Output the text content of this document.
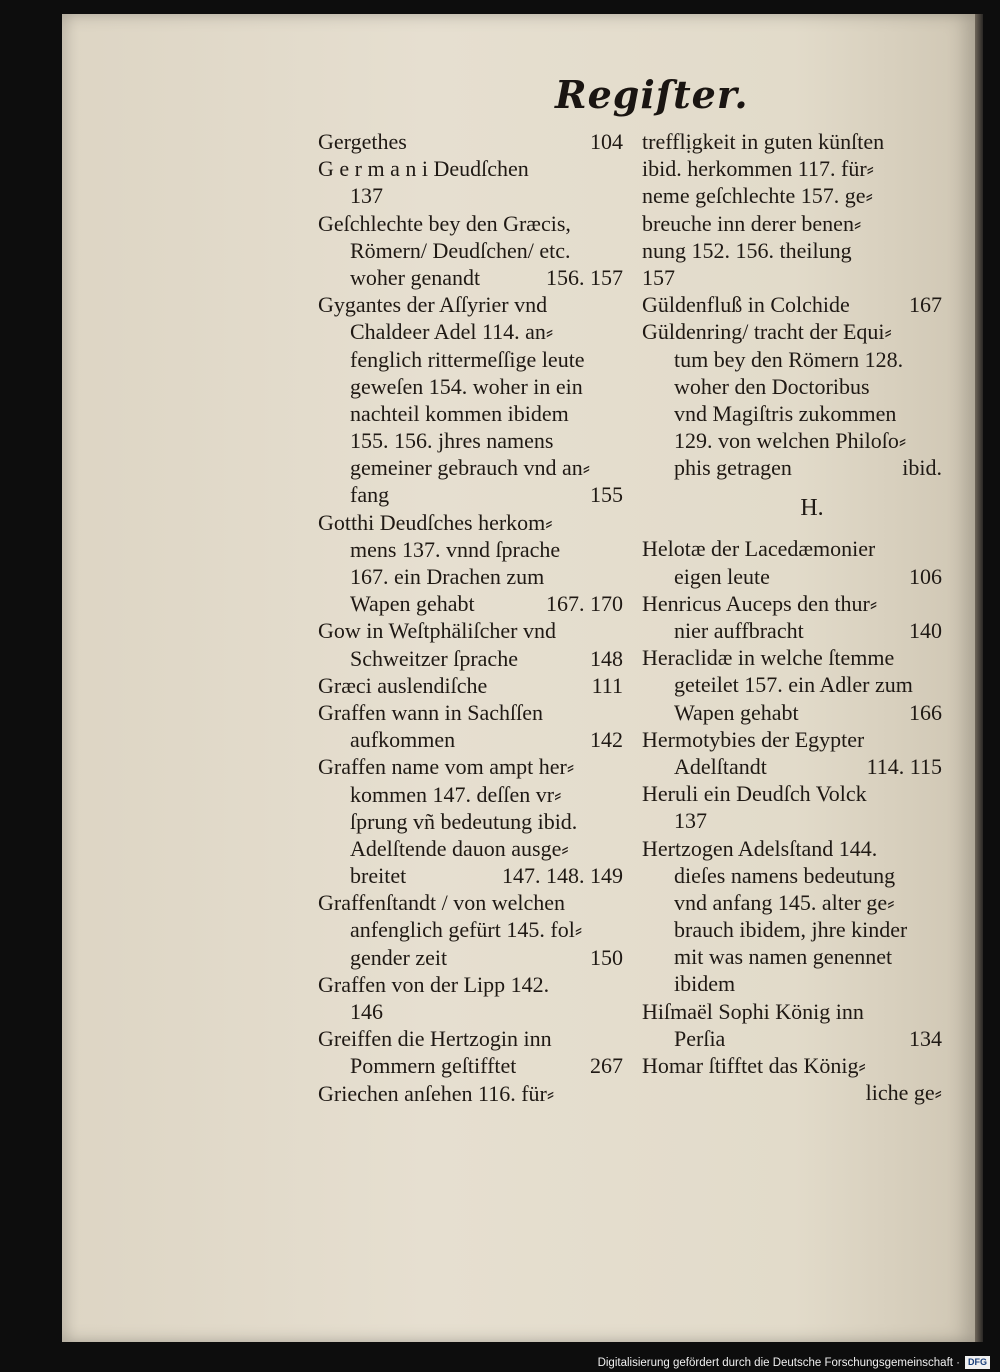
Regiſter.
Gergethes	104
G e r m a n i Deudſchen
137
Geſchlechte bey den Græcis,
Römern/ Deudſchen/ etc.
woher genandt	156. 157
Gygantes der Aſſyrier vnd
Chaldeer Adel 114. an⸗
fenglich rittermeſſige leute
geweſen 154. woher in ein
nachteil kommen ibidem
155. 156. jhres namens
gemeiner gebrauch vnd an⸗
fang	155
Gotthi Deudſches herkom⸗
mens 137. vnnd ſprache
167. ein Drachen zum
Wapen gehabt	167. 170
Gow in Weſtphäliſcher vnd
Schweitzer ſprache	148
Græci auslendiſche	111
Graffen wann in Sachſſen
aufkommen	142
Graffen name vom ampt her⸗
kommen 147. deſſen vr⸗
ſprung vñ bedeutung ibid.
Adelſtende dauon ausge⸗
breitet	147. 148. 149
Graffenſtandt / von welchen
anfenglich gefürt 145. fol⸗
gender zeit	150
Graffen von der Lipp 142.
146
Greiffen die Hertzogin inn
Pommern geſtifftet	267
Griechen anſehen 116. für⸗
trefflịgkeit in guten künſten
ibid. herkommen 117. für⸗
neme geſchlechte 157. ge⸗
breuche inn derer benen⸗
nung 152. 156. theilung
157
Güldenfluß in Colchide	167
Güldenring/ tracht der Equi⸗
tum bey den Römern 128.
woher den Doctoribus
vnd Magiſtris zukommen
129. von welchen Philoſo⸗
phis getragen	ibid.
H.
Helotæ der Lacedæmonier
eigen leute	106
Henricus Auceps den thur⸗
nier auffbracht	140
Heraclidæ in welche ſtemme
geteilet 157. ein Adler zum
Wapen gehabt	166
Hermotybies der Egypter
Adelſtandt	114. 115
Heruli ein Deudſch Volck
137
Hertzogen Adelsſtand 144.
dieſes namens bedeutung
vnd anfang 145. alter ge⸗
brauch ibidem, jhre kinder
mit was namen genennet
ibidem
Hiſmaël Sophi König inn
Perſia	134
Homar ſtifftet das König⸗
liche ge⸗
Digitalisierung gefördert durch die Deutsche Forschungsgemeinschaft · DFG
